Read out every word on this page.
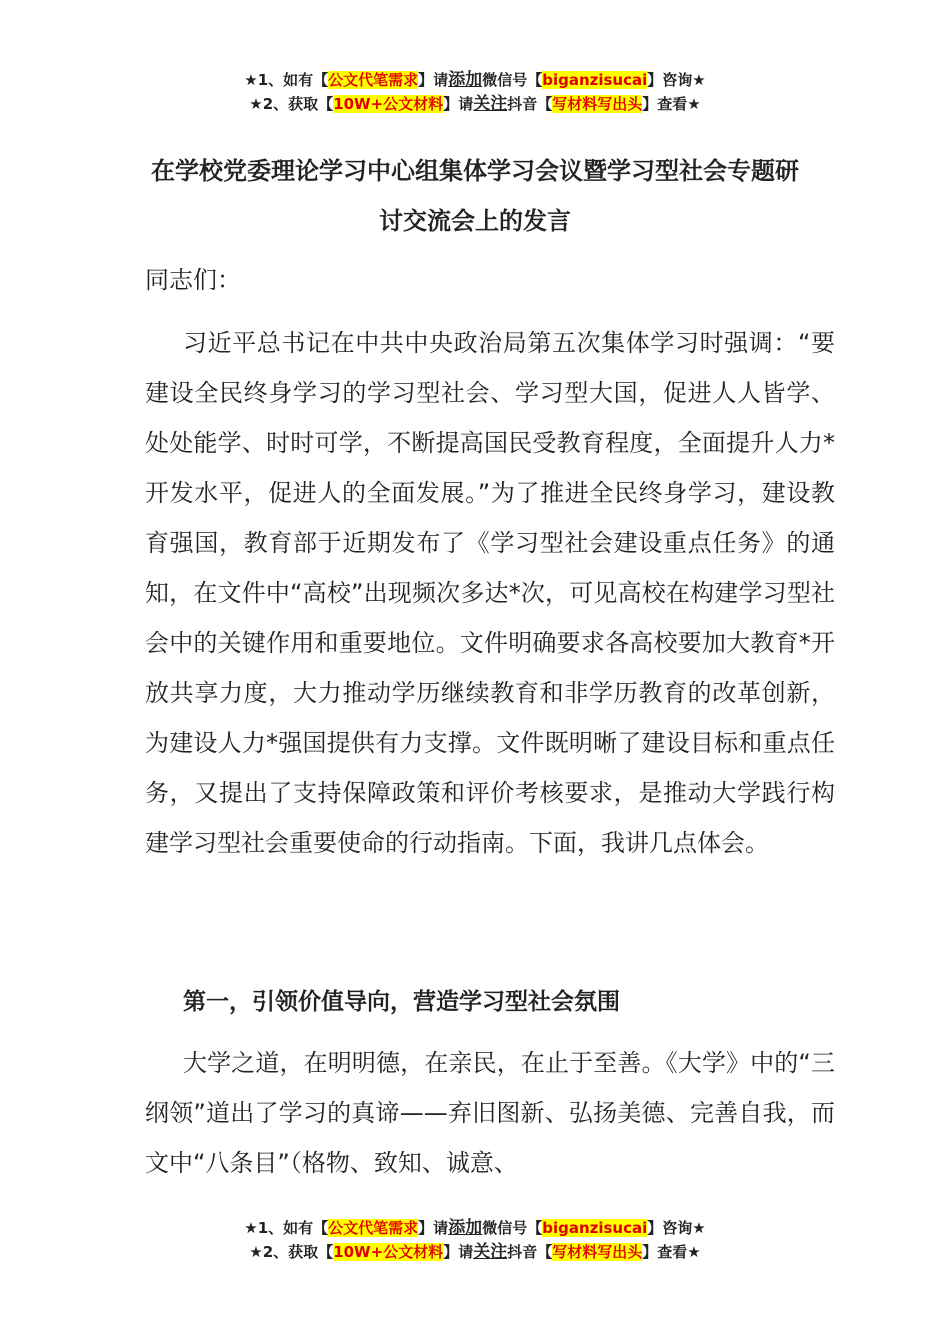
★1、如有【公文代笔需求】请添加微信号【biganzisucai】咨询★
★2、获取【10W+公文材料】请关注抖音【写材料写出头】查看★
在学校党委理论学习中心组集体学习会议暨学习型社会专题研讨交流会上的发言
同志们：

习近平总书记在中共中央政治局第五次集体学习时强调：“要建设全民终身学习的学习型社会、学习型大国，促进人人皆学、处处能学、时时可学，不断提高国民受教育程度，全面提升人力*开发水平，促进人的全面发展。”为了推进全民终身学习，建设教育强国，教育部于近期发布了《学习型社会建设重点任务》的通知，在文件中“高校”出现频次多达*次，可见高校在构建学习型社会中的关键作用和重要地位。文件明确要求各高校要加大教育*开放共享力度，大力推动学历继续教育和非学历教育的改革创新，为建设人力*强国提供有力支撑。文件既明晰了建设目标和重点任务，又提出了支持保障政策和评价考核要求，是推动大学践行构建学习型社会重要使命的行动指南。下面，我讲几点体会。

第一，引领价值导向，营造学习型社会氛围

大学之道，在明明德，在亲民，在止于至善。《大学》中的“三纲领”道出了学习的真谛——弃旧图新、弘扬美德、完善自我，而文中“八条目”（格物、致知、诚意、

★1、如有【公文代笔需求】请添加微信号【biganzisucai】咨询★
★2、获取【10W+公文材料】请关注抖音【写材料写出头】查看★
